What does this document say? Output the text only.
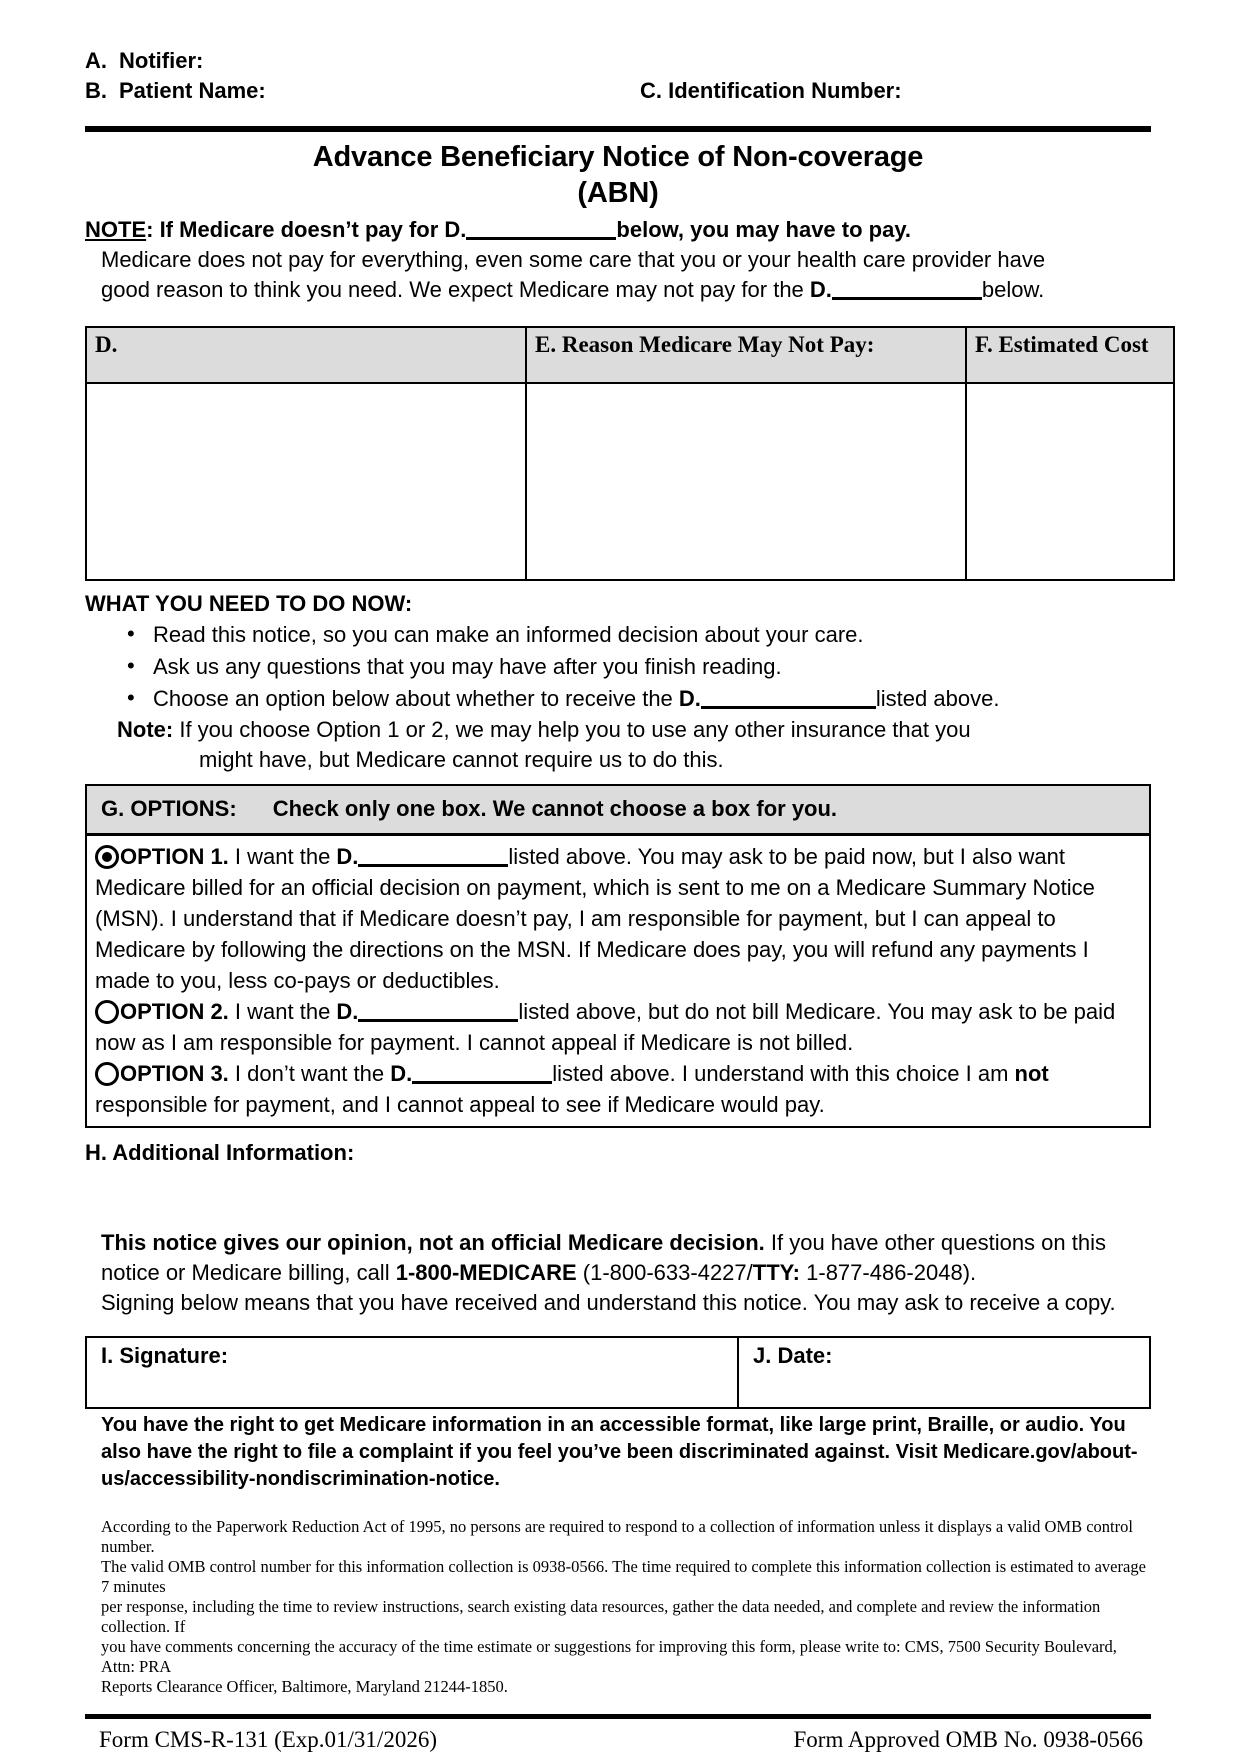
A. Notifier:
B. Patient Name:	C. Identification Number:
Advance Beneficiary Notice of Non-coverage
(ABN)
NOTE: If Medicare doesn’t pay for D.	below, you may have to pay.
Medicare does not pay for everything, even some care that you or your health care provider have
good reason to think you need. We expect Medicare may not pay for the D.	below.
D.	E. Reason Medicare May Not Pay:	F. Estimated Cost

WHAT YOU NEED TO DO NOW:
• Read this notice, so you can make an informed decision about your care.
• Ask us any questions that you may have after you finish reading.
• Choose an option below about whether to receive the D.	listed above.
Note: If you choose Option 1 or 2, we may help you to use any other insurance that you
might have, but Medicare cannot require us to do this.
G. OPTIONS: Check only one box. We cannot choose a box for you.
OPTION 1. I want the D.	listed above. You may ask to be paid now, but I also want Medicare billed for an official decision on payment, which is sent to me on a Medicare Summary Notice (MSN). I understand that if Medicare doesn’t pay, I am responsible for payment, but I can appeal to Medicare by following the directions on the MSN. If Medicare does pay, you will refund any payments I made to you, less co-pays or deductibles.
OPTION 2. I want the D.	listed above, but do not bill Medicare. You may ask to be paid now as I am responsible for payment. I cannot appeal if Medicare is not billed.
OPTION 3. I don’t want the D.	listed above. I understand with this choice I am not responsible for payment, and I cannot appeal to see if Medicare would pay.
H. Additional Information:
This notice gives our opinion, not an official Medicare decision. If you have other questions on this
notice or Medicare billing, call 1-800-MEDICARE (1-800-633-4227/TTY: 1-877-486-2048).
Signing below means that you have received and understand this notice. You may ask to receive a copy.
I. Signature:	J. Date:
You have the right to get Medicare information in an accessible format, like large print, Braille, or audio. You
also have the right to file a complaint if you feel you’ve been discriminated against. Visit Medicare.gov/about-
us/accessibility-nondiscrimination-notice.
According to the Paperwork Reduction Act of 1995, no persons are required to respond to a collection of information unless it displays a valid OMB control number.
The valid OMB control number for this information collection is 0938-0566. The time required to complete this information collection is estimated to average 7 minutes
per response, including the time to review instructions, search existing data resources, gather the data needed, and complete and review the information collection. If
you have comments concerning the accuracy of the time estimate or suggestions for improving this form, please write to: CMS, 7500 Security Boulevard, Attn: PRA
Reports Clearance Officer, Baltimore, Maryland 21244-1850.
Form CMS-R-131 (Exp.01/31/2026)	Form Approved OMB No. 0938-0566
